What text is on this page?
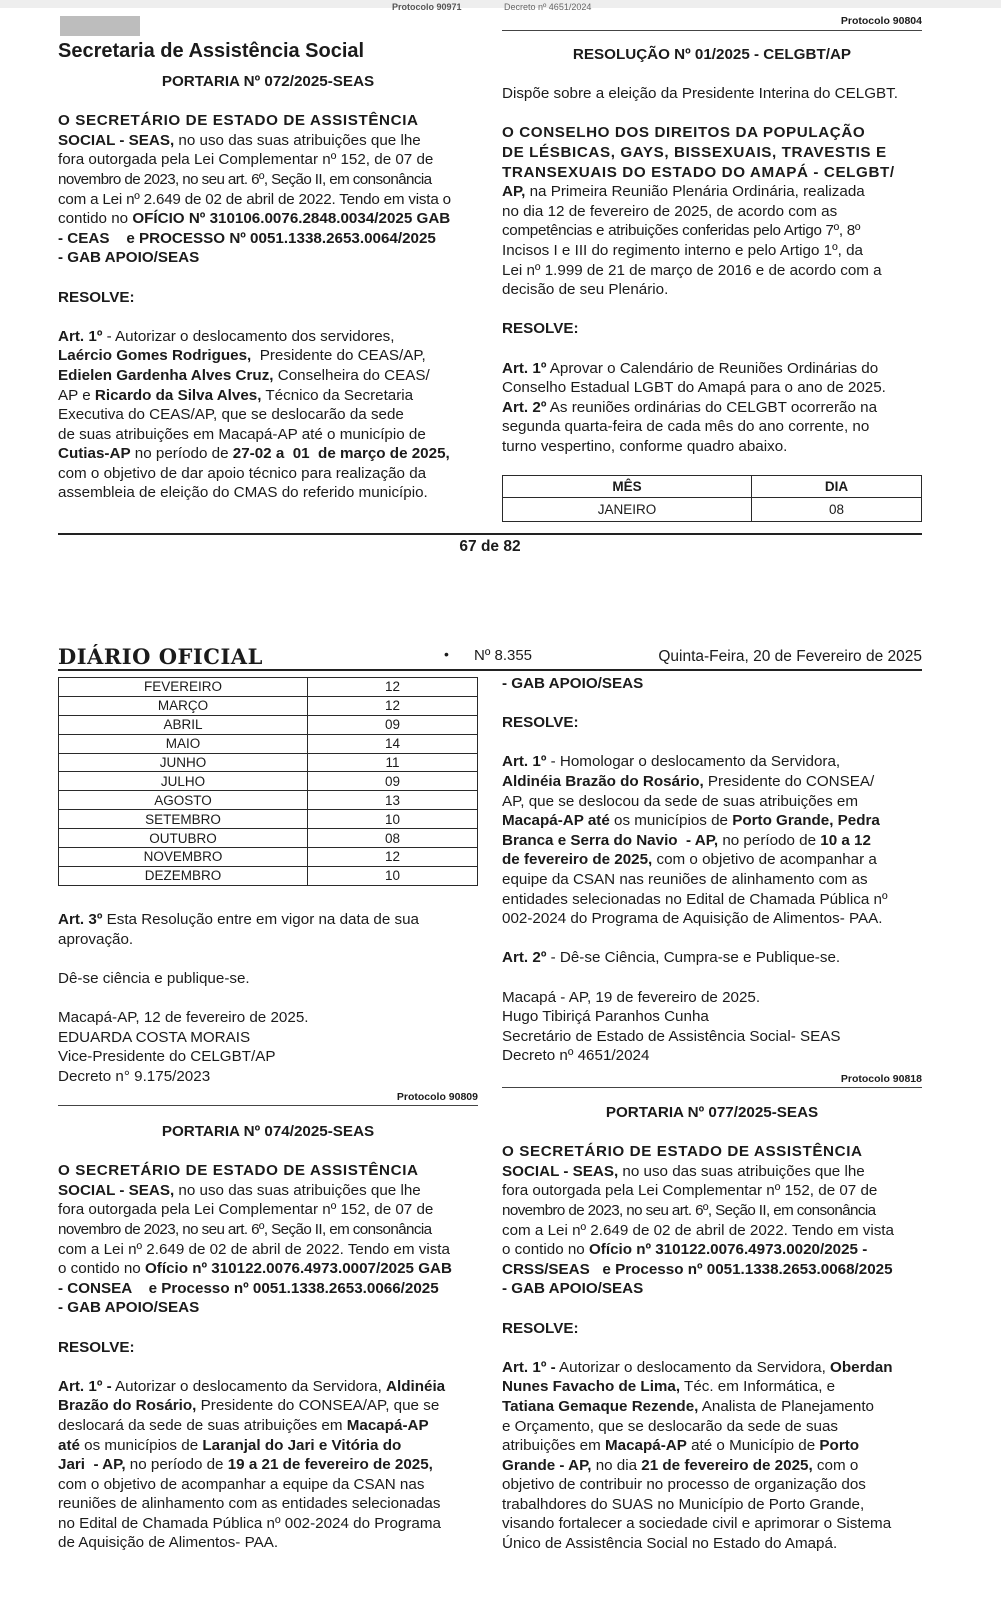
Protocolo 90971	Decreto nº 4651/2024

Secretaria de Assistência Social

PORTARIA Nº 072/2025-SEAS

O SECRETÁRIO DE ESTADO DE ASSISTÊNCIA

SOCIAL - SEAS, no uso das suas atribuições que lhe

fora outorgada pela Lei Complementar nº 152, de 07 de

novembro de 2023, no seu art. 6º, Seção II, em consonância

com a Lei nº 2.649 de 02 de abril de 2022. Tendo em vista o

contido no OFÍCIO Nº 310106.0076.2848.0034/2025 GAB

- CEAS    e PROCESSO Nº 0051.1338.2653.0064/2025

- GAB APOIO/SEAS

RESOLVE:

Art. 1º - Autorizar o deslocamento dos servidores,

Laércio Gomes Rodrigues,  Presidente do CEAS/AP,

Edielen Gardenha Alves Cruz, Conselheira do CEAS/

AP e Ricardo da Silva Alves, Técnico da Secretaria

Executiva do CEAS/AP, que se deslocarão da sede

de suas atribuições em Macapá-AP até o município de

Cutias-AP no período de 27-02 a  01  de março de 2025,

com o objetivo de dar apoio técnico para realização da

assembleia de eleição do CMAS do referido município.

Protocolo 90804

RESOLUÇÃO Nº 01/2025 - CELGBT/AP

Dispõe sobre a eleição da Presidente Interina do CELGBT.

O CONSELHO DOS DIREITOS DA POPULAÇÃO

DE LÉSBICAS, GAYS, BISSEXUAIS, TRAVESTIS E

TRANSEXUAIS DO ESTADO DO AMAPÁ - CELGBT/

AP, na Primeira Reunião Plenária Ordinária, realizada

no dia 12 de fevereiro de 2025, de acordo com as

competências e atribuições conferidas pelo Artigo 7º, 8º

Incisos I e III do regimento interno e pelo Artigo 1º, da

Lei nº 1.999 de 21 de março de 2016 e de acordo com a

decisão de seu Plenário.

RESOLVE:

Art. 1º Aprovar o Calendário de Reuniões Ordinárias do

Conselho Estadual LGBT do Amapá para o ano de 2025.

Art. 2º As reuniões ordinárias do CELGBT ocorrerão na

segunda quarta-feira de cada mês do ano corrente, no

turno vespertino, conforme quadro abaixo.

MÊS	DIA
JANEIRO	08
67 de 82
DIÁRIO OFICIAL	• Nº 8.355	Quinta-Feira, 20 de Fevereiro de 2025
FEVEREIRO	12
MARÇO	12
ABRIL	09
MAIO	14
JUNHO	11
JULHO	09
AGOSTO	13
SETEMBRO	10
OUTUBRO	08
NOVEMBRO	12
DEZEMBRO	10

Art. 3º Esta Resolução entre em vigor na data de sua

aprovação.

Dê-se ciência e publique-se.

Macapá-AP, 12 de fevereiro de 2025.

EDUARDA COSTA MORAIS

Vice-Presidente do CELGBT/AP

Decreto n° 9.175/2023

Protocolo 90809

PORTARIA Nº 074/2025-SEAS

O SECRETÁRIO DE ESTADO DE ASSISTÊNCIA

SOCIAL - SEAS, no uso das suas atribuições que lhe

fora outorgada pela Lei Complementar nº 152, de 07 de

novembro de 2023, no seu art. 6º, Seção II, em consonância

com a Lei nº 2.649 de 02 de abril de 2022. Tendo em vista

o contido no Ofício nº 310122.0076.4973.0007/2025 GAB

- CONSEA    e Processo nº 0051.1338.2653.0066/2025

- GAB APOIO/SEAS

RESOLVE:

Art. 1º - Autorizar o deslocamento da Servidora, Aldinéia

Brazão do Rosário, Presidente do CONSEA/AP, que se

deslocará da sede de suas atribuições em Macapá-AP

até os municípios de Laranjal do Jari e Vitória do

Jari  - AP, no período de 19 a 21 de fevereiro de 2025,

com o objetivo de acompanhar a equipe da CSAN nas

reuniões de alinhamento com as entidades selecionadas

no Edital de Chamada Pública nº 002-2024 do Programa

de Aquisição de Alimentos- PAA.

- GAB APOIO/SEAS

RESOLVE:

Art. 1º - Homologar o deslocamento da Servidora,

Aldinéia Brazão do Rosário, Presidente do CONSEA/

AP, que se deslocou da sede de suas atribuições em

Macapá-AP até os municípios de Porto Grande, Pedra

Branca e Serra do Navio  - AP, no período de 10 a 12

de fevereiro de 2025, com o objetivo de acompanhar a

equipe da CSAN nas reuniões de alinhamento com as

entidades selecionadas no Edital de Chamada Pública nº

002-2024 do Programa de Aquisição de Alimentos- PAA.

Art. 2º - Dê-se Ciência, Cumpra-se e Publique-se.

Macapá - AP, 19 de fevereiro de 2025.

Hugo Tibiriçá Paranhos Cunha

Secretário de Estado de Assistência Social- SEAS

Decreto nº 4651/2024

Protocolo 90818

PORTARIA Nº 077/2025-SEAS

O SECRETÁRIO DE ESTADO DE ASSISTÊNCIA

SOCIAL - SEAS, no uso das suas atribuições que lhe

fora outorgada pela Lei Complementar nº 152, de 07 de

novembro de 2023, no seu art. 6º, Seção II, em consonância

com a Lei nº 2.649 de 02 de abril de 2022. Tendo em vista

o contido no Ofício nº 310122.0076.4973.0020/2025 -

CRSS/SEAS   e Processo nº 0051.1338.2653.0068/2025

- GAB APOIO/SEAS

RESOLVE:

Art. 1º - Autorizar o deslocamento da Servidora, Oberdan

Nunes Favacho de Lima, Téc. em Informática, e

Tatiana Gemaque Rezende, Analista de Planejamento

e Orçamento, que se deslocarão da sede de suas

atribuições em Macapá-AP até o Município de Porto

Grande - AP, no dia 21 de fevereiro de 2025, com o

objetivo de contribuir no processo de organização dos

trabalhdores do SUAS no Município de Porto Grande,

visando fortalecer a sociedade civil e aprimorar o Sistema

Único de Assistência Social no Estado do Amapá.
